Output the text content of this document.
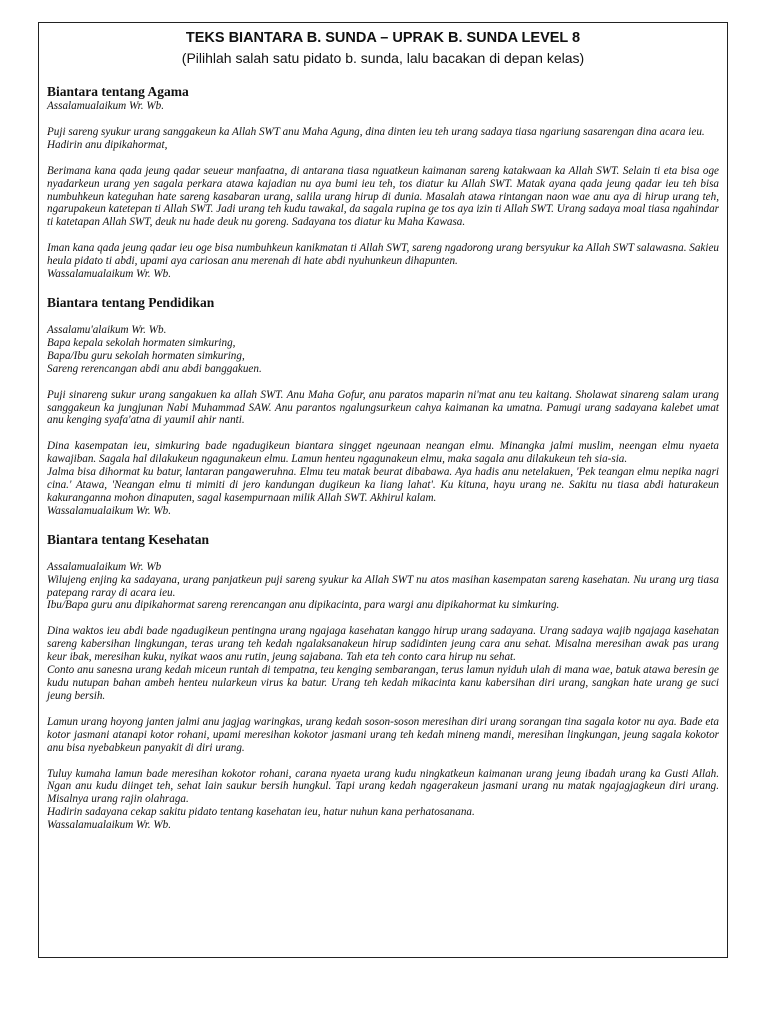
TEKS BIANTARA B. SUNDA – UPRAK B. SUNDA LEVEL 8
(Pilihlah salah satu pidato b. sunda, lalu bacakan di depan kelas)
Biantara tentang Agama

Assalamualaikum Wr. Wb.

Puji sareng syukur urang sanggakeun ka Allah SWT anu Maha Agung, dina dinten ieu teh urang sadaya tiasa ngariung sasarengan dina acara ieu.

Hadirin anu dipikahormat,

Berimana kana qada jeung qadar seueur manfaatna, di antarana tiasa nguatkeun kaimanan sareng katakwaan ka Allah SWT. Selain ti eta bisa oge nyadarkeun urang yen sagala perkara atawa kajadian nu aya bumi ieu teh, tos diatur ku Allah SWT. Matak ayana qada jeung qadar ieu teh bisa numbuhkeun kateguhan hate sareng kasabaran urang, salila urang hirup di dunia. Masalah atawa rintangan naon wae anu aya di hirup urang teh, ngarupakeun katetepan ti Allah SWT. Jadi urang teh kudu tawakal, da sagala rupina ge tos aya izin ti Allah SWT. Urang sadaya moal tiasa ngahindar ti katetapan Allah SWT, deuk nu hade deuk nu goreng. Sadayana tos diatur ku Maha Kawasa.

Iman kana qada jeung qadar ieu oge bisa numbuhkeun kanikmatan ti Allah SWT, sareng ngadorong urang bersyukur ka Allah SWT salawasna. Sakieu heula pidato ti abdi, upami aya cariosan anu merenah di hate abdi nyuhunkeun dihapunten.

Wassalamualaikum Wr. Wb.

Biantara tentang Pendidikan

Assalamu'alaikum Wr. Wb.

Bapa kepala sekolah hormaten simkuring,

Bapa/Ibu guru sekolah hormaten simkuring,

Sareng rerencangan abdi anu abdi banggakuen.

Puji sinareng sukur urang sangakuen ka allah SWT. Anu Maha Gofur, anu paratos maparin ni'mat anu teu kaitang. Sholawat sinareng salam urang sanggakeun ka jungjunan Nabi Muhammad SAW. Anu parantos ngalungsurkeun cahya kaimanan ka umatna. Pamugi urang sadayana kalebet umat anu kenging syafa'atna di yaumil ahir nanti.

Dina kasempatan ieu, simkuring bade ngadugikeun biantara singget ngeunaan neangan elmu. Minangka jalmi muslim, neengan elmu nyaeta kawajiban. Sagala hal dilakukeun ngagunakeun elmu. Lamun henteu ngagunakeun elmu, maka sagala anu dilakukeun teh sia-sia.

Jalma bisa dihormat ku batur, lantaran pangaweruhna. Elmu teu matak beurat dibabawa. Aya hadis anu netelakuen, 'Pek teangan elmu nepika nagri cina.' Atawa, 'Neangan elmu ti mimiti di jero kandungan dugikeun ka liang lahat'. Ku kituna, hayu urang ne. Sakitu nu tiasa abdi haturakeun kakuranganna mohon dinaputen, sagal kasempurnaan milik Allah SWT. Akhirul kalam.

Wassalamualaikum Wr. Wb.

Biantara tentang Kesehatan

Assalamualaikum Wr. Wb

Wilujeng enjing ka sadayana, urang panjatkeun puji sareng syukur ka Allah SWT nu atos masihan kasempatan sareng kasehatan. Nu urang urg tiasa patepang raray di acara ieu.

Ibu/Bapa guru anu dipikahormat sareng rerencangan anu dipikacinta, para wargi anu dipikahormat ku simkuring.

Dina waktos ieu abdi bade ngadugikeun pentingna urang ngajaga kasehatan kanggo hirup urang sadayana. Urang sadaya wajib ngajaga kasehatan sareng kabersihan lingkungan, teras urang teh kedah ngalaksanakeun hirup sadidinten jeung cara anu sehat. Misalna meresihan awak pas urang keur ibak, meresihan kuku, nyikat waos anu rutin, jeung sajabana. Tah eta teh conto cara hirup nu sehat.

Conto anu sanesna urang kedah miceun runtah di tempatna, teu kenging sembarangan, terus lamun nyiduh ulah di mana wae, batuk atawa beresin ge kudu nutupan bahan ambeh henteu nularkeun virus ka batur. Urang teh kedah mikacinta kanu kabersihan diri urang, sangkan hate urang ge suci jeung bersih.

Lamun urang hoyong janten jalmi anu jagjag waringkas, urang kedah soson-soson meresihan diri urang sorangan tina sagala kotor nu aya. Bade eta kotor jasmani atanapi kotor rohani, upami meresihan kokotor jasmani urang teh kedah mineng mandi, meresihan lingkungan, jeung sagala kokotor anu bisa nyebabkeun panyakit di diri urang.

Tuluy kumaha lamun bade meresihan kokotor rohani, carana nyaeta urang kudu ningkatkeun kaimanan urang jeung ibadah urang ka Gusti Allah. Ngan anu kudu diinget teh, sehat lain saukur bersih hungkul. Tapi urang kedah ngagerakeun jasmani urang nu matak ngajagjagkeun diri urang. Misalnya urang rajin olahraga.

Hadirin sadayana cekap sakitu pidato tentang kasehatan ieu, hatur nuhun kana perhatosanana.

Wassalamualaikum Wr. Wb.
